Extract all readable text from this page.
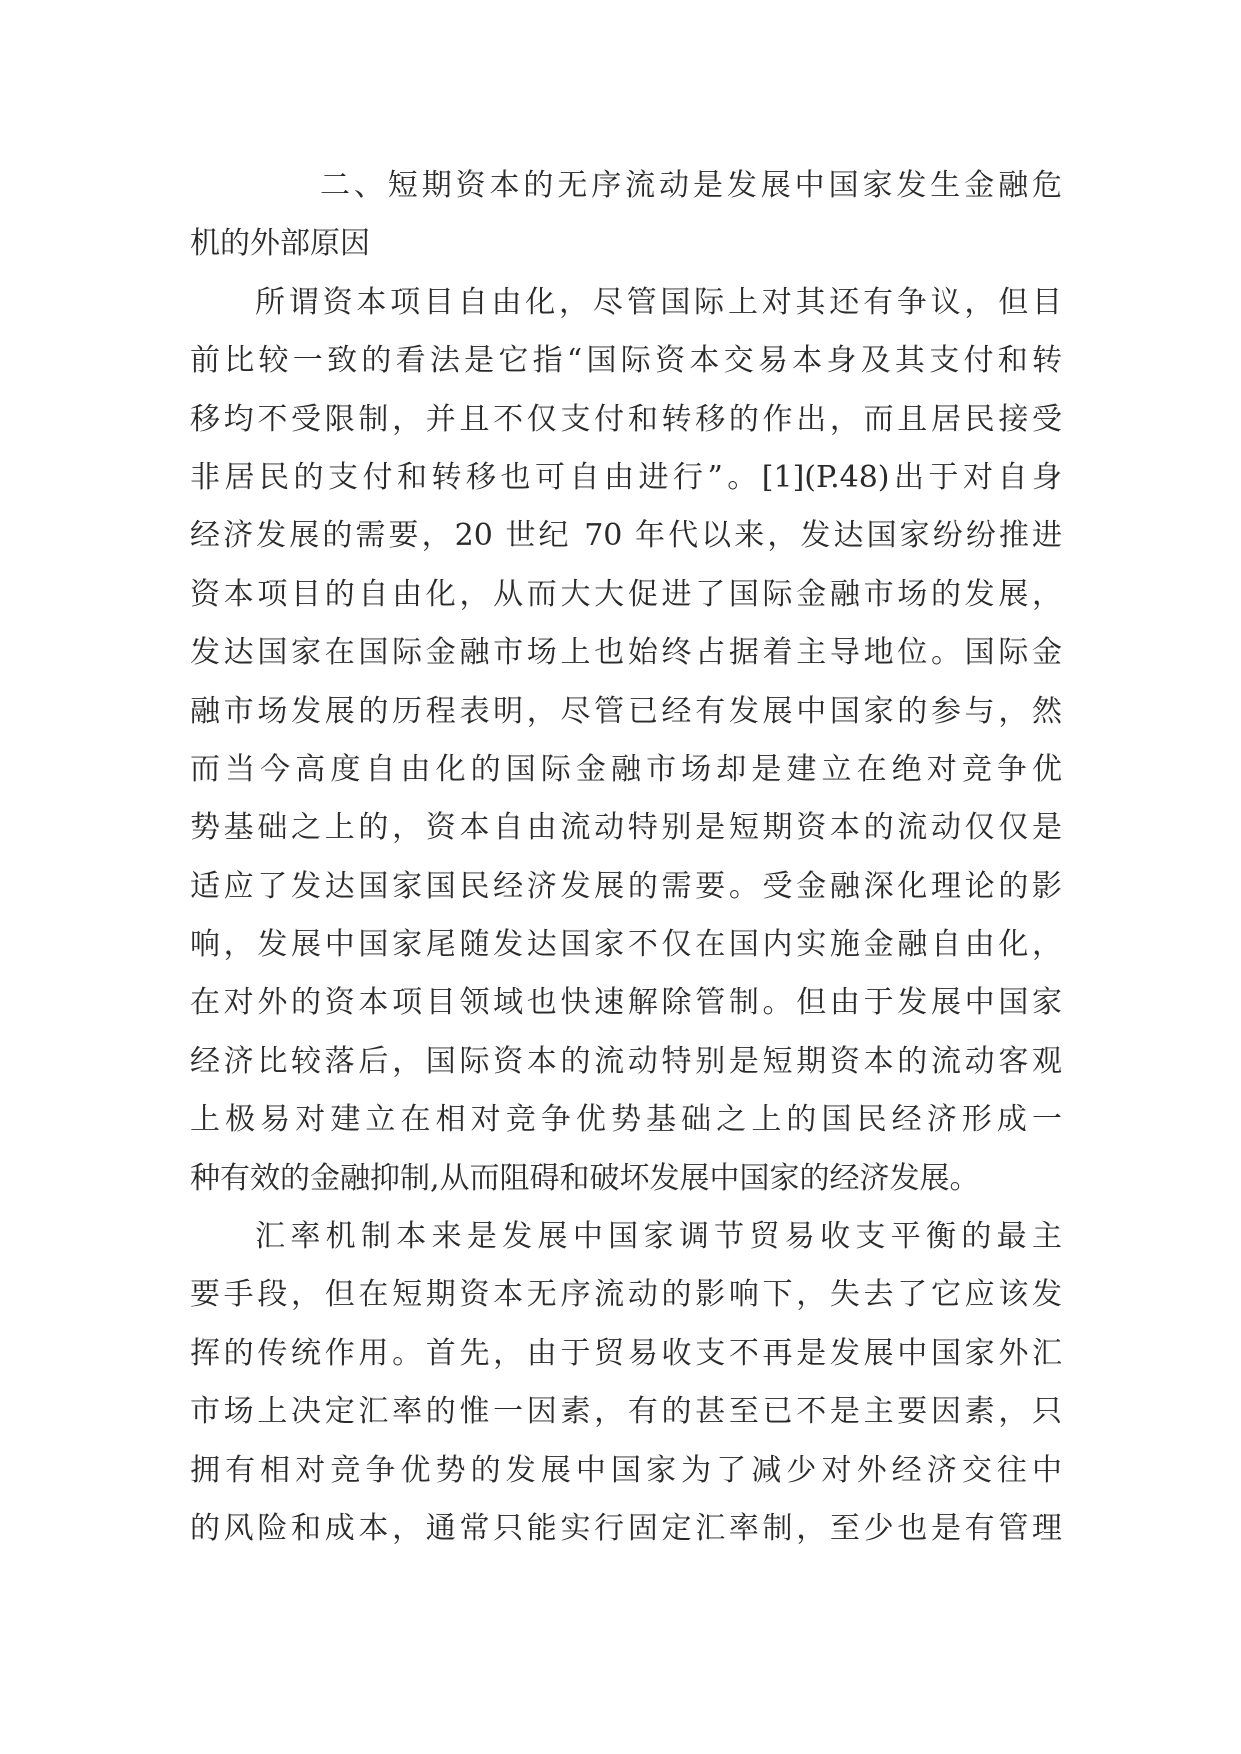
二、短期资本的无序流动是发展中国家发生金融危
机的外部原因
所谓资本项目自由化，尽管国际上对其还有争议，但目
前比较一致的看法是它指“国际资本交易本身及其支付和转
移均不受限制，并且不仅支付和转移的作出，而且居民接受
非居民的支付和转移也可自由进行”。[1](P.48)出于对自身
经济发展的需要，20 世纪 70 年代以来，发达国家纷纷推进
资本项目的自由化，从而大大促进了国际金融市场的发展，
发达国家在国际金融市场上也始终占据着主导地位。国际金
融市场发展的历程表明，尽管已经有发展中国家的参与，然
而当今高度自由化的国际金融市场却是建立在绝对竞争优
势基础之上的，资本自由流动特别是短期资本的流动仅仅是
适应了发达国家国民经济发展的需要。受金融深化理论的影
响，发展中国家尾随发达国家不仅在国内实施金融自由化，
在对外的资本项目领域也快速解除管制。但由于发展中国家
经济比较落后，国际资本的流动特别是短期资本的流动客观
上极易对建立在相对竞争优势基础之上的国民经济形成一
种有效的金融抑制,从而阻碍和破坏发展中国家的经济发展。
汇率机制本来是发展中国家调节贸易收支平衡的最主
要手段，但在短期资本无序流动的影响下，失去了它应该发
挥的传统作用。首先，由于贸易收支不再是发展中国家外汇
市场上决定汇率的惟一因素，有的甚至已不是主要因素，只
拥有相对竞争优势的发展中国家为了减少对外经济交往中
的风险和成本，通常只能实行固定汇率制，至少也是有管理
